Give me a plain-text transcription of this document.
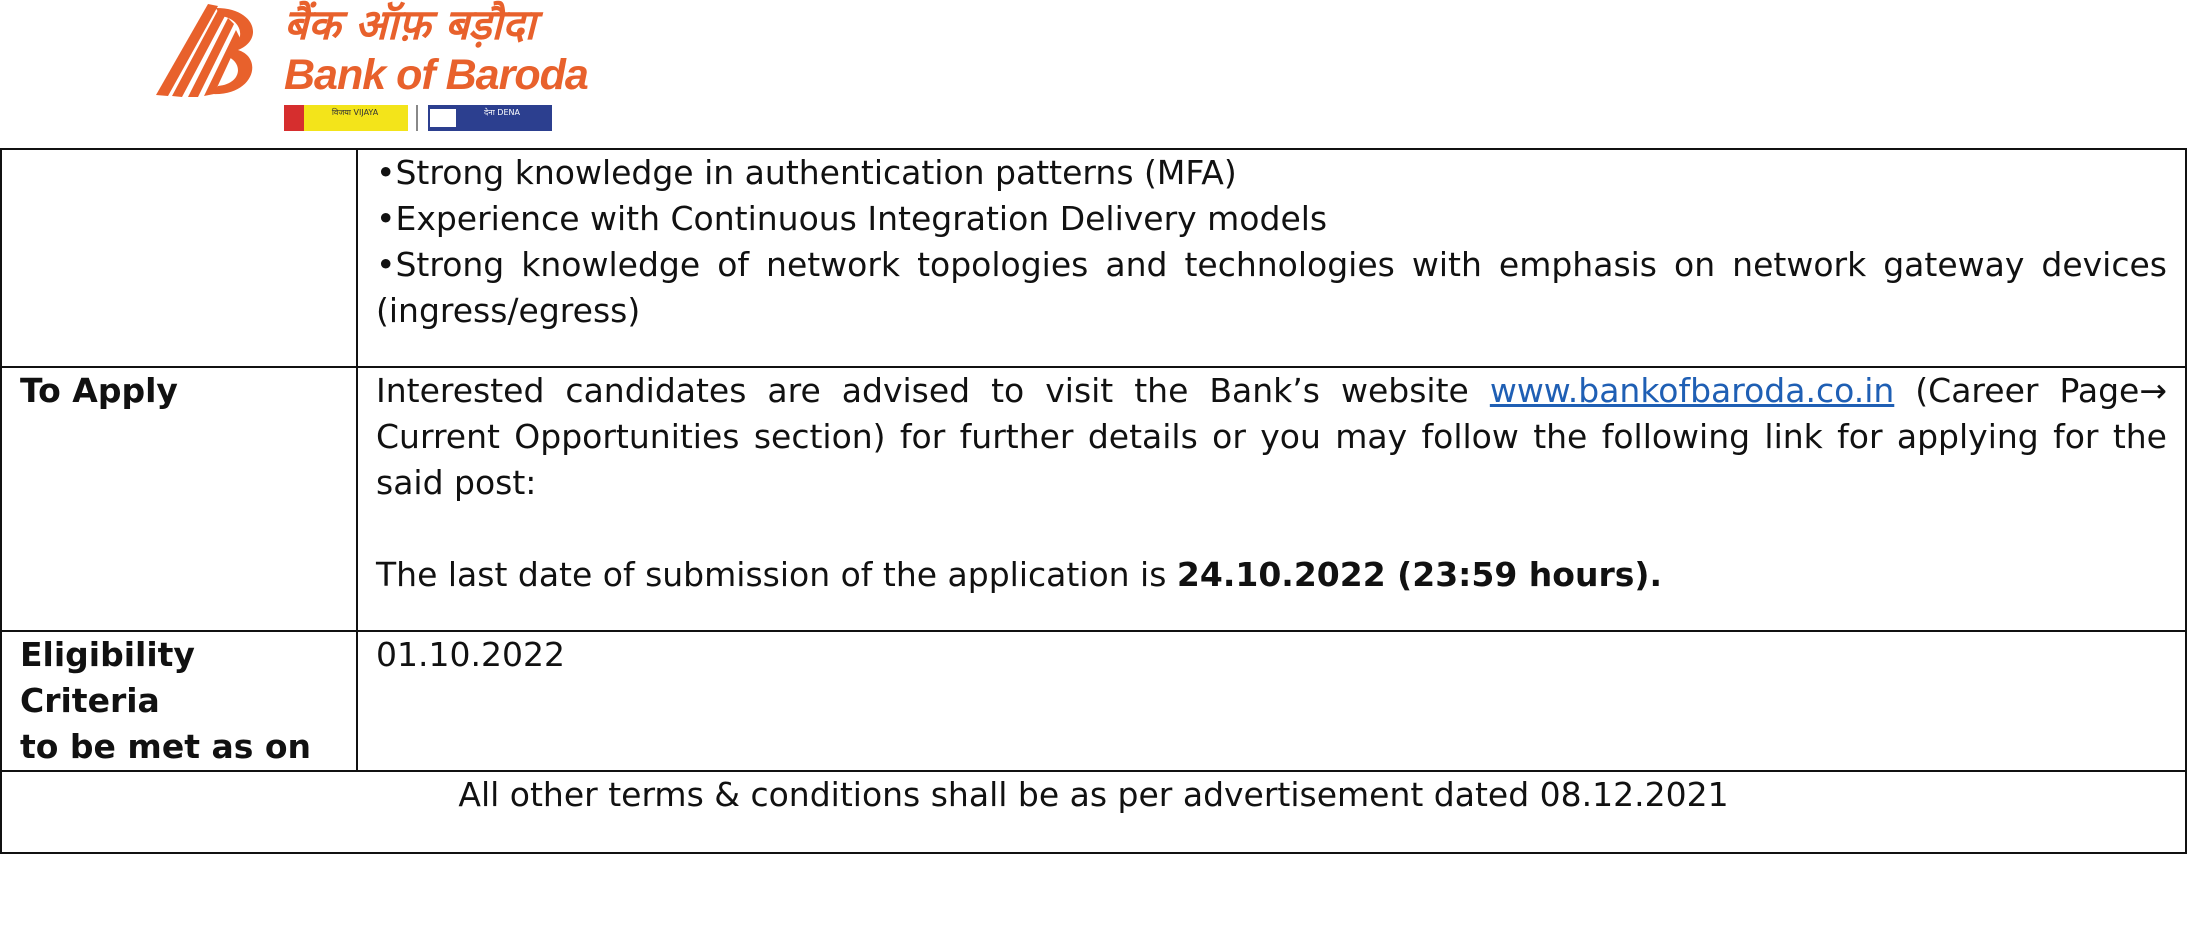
बैंक ऑफ़ बड़ौदा
Bank of Baroda
विजया VIJAYA	देना DENA

	• Strong knowledge in authentication patterns (MFA)
• Experience with Continuous Integration Delivery models
• Strong knowledge of network topologies and technologies with emphasis on network gateway devices (ingress/egress)

To Apply	Interested candidates are advised to visit the Bank’s website www.bankofbaroda.co.in (Career Page→ Current Opportunities section) for further details or you may follow the following link for applying for the said post:
The last date of submission of the application is 24.10.2022 (23:59 hours).

Eligibility Criteria
to be met as on	01.10.2022
All other terms & conditions shall be as per advertisement dated 08.12.2021	
